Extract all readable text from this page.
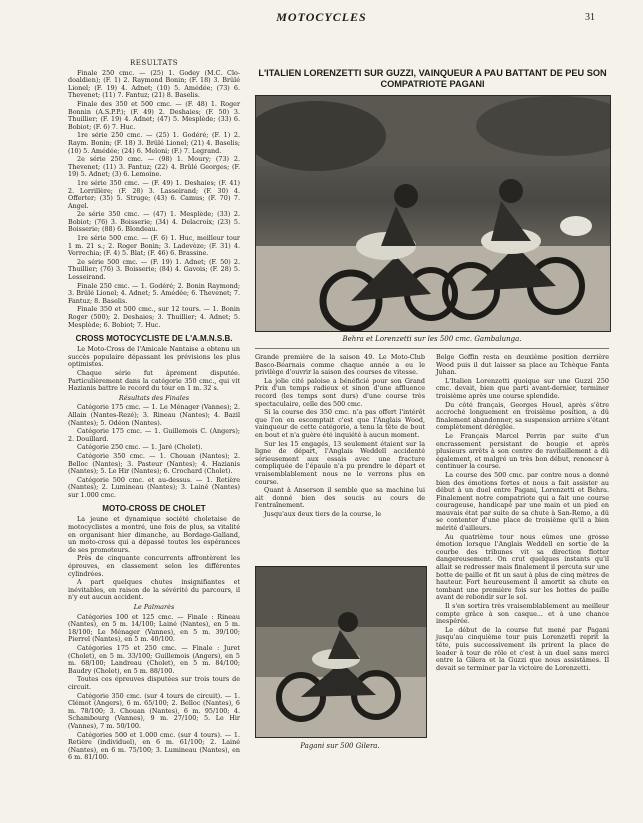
MOTOCYCLES	31
RESULTATS

Finale 250 cmc. — (25) 1. Godey (M.C. Clo-doaldien); (F. 1) 2. Raymond Bonin; (F. 18) 3. Brûlé Lionel; (F. 19) 4. Adnet; (10) 5. Amédée; (73) 6. Thevenet; (11) 7. Fantuz; (21) 8. Baselis.

Finale des 350 et 500 cmc. — (F. 48) 1. Roger Bonnin (A.S.P.P.); (F. 49) 2. Deshaies; (F. 50) 3. Thuillier; (F. 19) 4. Adnet; (47) 5. Mesplède; (33) 6. Bobiot; (F. 6) 7. Huc.

1re série 250 cmc. — (25) 1. Godéré; (F. 1) 2. Raym. Bonin; (F. 18) 3. Brûlé Lionel; (21) 4. Baselis; (10) 5. Amédée; (24) 6. Meloni; (F.) 7. Legrand.

2e série 250 cmc. — (98) 1. Moury; (73) 2. Thevenet; (11) 3. Fantuz; (22) 4. Brûlé Georges; (F. 19) 5. Adnet; (3) 6. Lemoine.

1re série 350 cmc. — (F. 49) 1. Deshaies; (F. 41) 2. Lorrillère; (F. 28) 3. Lasseirand; (F. 30) 4. Offerter; (35) 5. Struge; (43) 6. Camus; (F. 70) 7. Angel.

2e série 350 cmc. — (47) 1. Mesplède; (33) 2. Bobiot; (76) 3. Boisserie; (34) 4. Delacroix; (23) 5. Boisserie; (88) 6. Blondeau.

1re série 500 cmc. — (F. 6) 1. Huc, meilleur tour 1 m. 21 s.; 2. Roger Bonin; 3. Ladevèze; (F. 31) 4. Verrechia; (F. 4) 5. Blat; (F. 46) 6. Brassine.

2e série 500 cmc. — (F. 19) 1. Adnet; (F. 50) 2. Thuillier; (76) 3. Boisserie; (84) 4. Gavois; (F. 28) 5. Lesseirand.

Finale 250 cmc. — 1. Godéré; 2. Bonin Raymond; 3. Brûlé Lionel; 4. Adnet; 5. Amédée; 6. Thevenet; 7. Fantuz; 8. Baselis.

Finale 350 et 500 cmc., sur 12 tours. — 1. Bonin Roger (500); 2. Deshaies; 3. Thuillier; 4. Adnet; 5. Mesplède; 6. Bobiot; 7. Huc.

CROSS MOTOCYCLISTE DE L'A.M.N.S.B.

Le Moto-Cross de l'Amicale Nantaise a obtenu un succès populaire dépassant les prévisions les plus optimistes.

Chaque série fut âprement disputée. Particulièrement dans la catégorie 350 cmc., qui vit Hazianis battre le record du tour en 1 m. 32 s.

Résultats des Finales

Catégorie 175 cmc. — 1. Le Ménager (Vannes); 2. Allain (Nantes-Rezé); 3. Rineau (Nantes); 4. Bazil (Nantes); 5. Odéon (Nantes).

Catégorie 175 cmc. — 1. Guillemois C. (Angers); 2. Douillard.

Catégorie 250 cmc. — 1. Jaré (Cholet).

Catégorie 350 cmc. — 1. Chouan (Nantes); 2. Belloc (Nantes); 3. Pasteur (Nantes); 4. Hazianis (Nantes); 5. Le Hir (Nantes); 6. Crochard (Cholet).

Catégorie 500 cmc. et au-dessus. — 1. Retière (Nantes); 2. Lumineau (Nantes); 3. Lainé (Nantes) sur 1.000 cmc.

MOTO-CROSS DE CHOLET

La jeune et dynamique société choletaise de motocyclistes a montré, une fois de plus, sa vitalité en organisant hier dimanche, au Bordage-Galland, un moto-cross qui a dépassé toutes les espérances de ses promoteurs.

Près de cinquante concurrents affrontèrent les épreuves, en classement selon les différentes cylindrées.

A part quelques chutes insignifiantes et inévitables, en raison de la sévérité du parcours, il n'y eut aucun accident.

Le Palmarès

Catégories 100 et 125 cmc. — Finale : Rineau (Nantes), en 5 m. 14/100; Lainé (Nantes), en 5 m. 18/100; Le Ménager (Vannes), en 5 m. 39/100; Pierrel (Nantes), en 5 m. 40/100.

Catégories 175 et 250 cmc. — Finale : Juret (Cholet), en 5 m. 33/100; Guillemois (Angers), en 5 m. 68/100; Landreau (Cholet), en 5 m. 84/100; Baudry (Cholet), en 5 m. 88/100.

Toutes ces épreuves disputées sur trois tours de circuit.

Catégorie 350 cmc. (sur 4 tours de circuit). — 1. Clémot (Angers), 6 m. 65/100; 2. Belloc (Nantes), 6 m. 78/100; 3. Chouan (Nantes), 6 m. 95/100; 4. Schambourg (Vannes), 9 m. 27/100; 5. Le Hir (Vannes), 7 m. 50/100.

Catégories 500 et 1.000 cmc. (sur 4 tours). — 1. Retière (individuel), en 6 m. 61/100; 2. Lainé (Nantes), en 6 m. 75/100; 3. Lumineau (Nantes), en 6 m. 81/100.

L'ITALIEN LORENZETTI SUR GUZZI, VAINQUEUR A PAU BATTANT DE PEU SON COMPATRIOTE PAGANI
Behra et Lorenzetti sur les 500 cmc. Gambalunga.

Grande première de la saison 49. Le Moto-Club Basco-Béarnais comme chaque année a eu le privilège d'ouvrir la saison des courses de vitesse.

La jolie cité paloise a bénéficié pour son Grand Prix d'un temps radieux et sinon d'une affluence record (les temps sont durs) d'une course très spectaculaire, celle des 500 cmc.

Si la course des 350 cmc. n'a pas offert l'intérêt que l'on en escomptait c'est que l'Anglais Wood, vainqueur de cette catégorie, a tenu la tête de bout en bout et n'a guère été inquiété à aucun moment.

Sur les 15 engagés, 13 seulement étaient sur la ligne de départ, l'Anglais Weddell accidenté sérieusement aux essais avec une fracture compliquée de l'épaule n'a pu prendre le départ et vraisemblablement nous ne le verrons plus en course.

Quant à Anserson il semble que sa machine lui ait donné bien des soucis au cours de l'entraînement.

Jusqu'aux deux tiers de la course, le

Pagani sur 500 Gilera.

Belge Goffin resta en deuxième position derrière Wood puis il dut laisser sa place au Tchèque Fanta Juhan.

L'Italien Lorenzetti quoique sur une Guzzi 250 cmc. devait, bien que parti avant-dernier, terminer troisième après une course splendide.

Du côté français, Georges Houel, après s'être accroché longuement en troisième position, a dû finalement abandonner, sa suspension arrière s'étant complètement déréglée.

Le Français Marcel Perrin par suite d'un encrassement persistant de bougie et après plusieurs arrêts à son centre de ravitaillement a dû également, et malgré un très bon début, renoncer à continuer la course.

La course des 500 cmc. par contre nous a donné bien des émotions fortes et nous a fait assister au début à un duel entre Pagani, Lorenzetti et Behra. Finalement notre compatriote qui a fait une course courageuse, handicapé par une main et un pied en mauvais état par suite de sa chute à San-Remo, a dû se contenter d'une place de troisième qu'il a bien mérité d'ailleurs.

Au quatrième tour nous eûmes une grosse émotion lorsque l'Anglais Weddell en sortie de la courbe des tribunes vit sa direction flotter dangereusement. On crut quelques instants qu'il allait se redresser mais finalement il percuta sur une botte de paille et fit un saut à plus de cinq mètres de hauteur. Fort heureusement il amortit sa chute en tombant une première fois sur les bottes de paille avant de rebondir sur le sol.

Il s'en sortira très vraisemblablement au meilleur compte grâce à son casque... et à une chance inespérée.

Le début de la course fut mené par Pagani jusqu'au cinquième tour puis Lorenzetti reprit la tête, puis successivement ils prirent la place de leader à tour de rôle et c'est à un duel sans merci entre la Gilera et la Guzzi que nous assistâmes. Il devait se terminer par la victoire de Lorenzetti.
